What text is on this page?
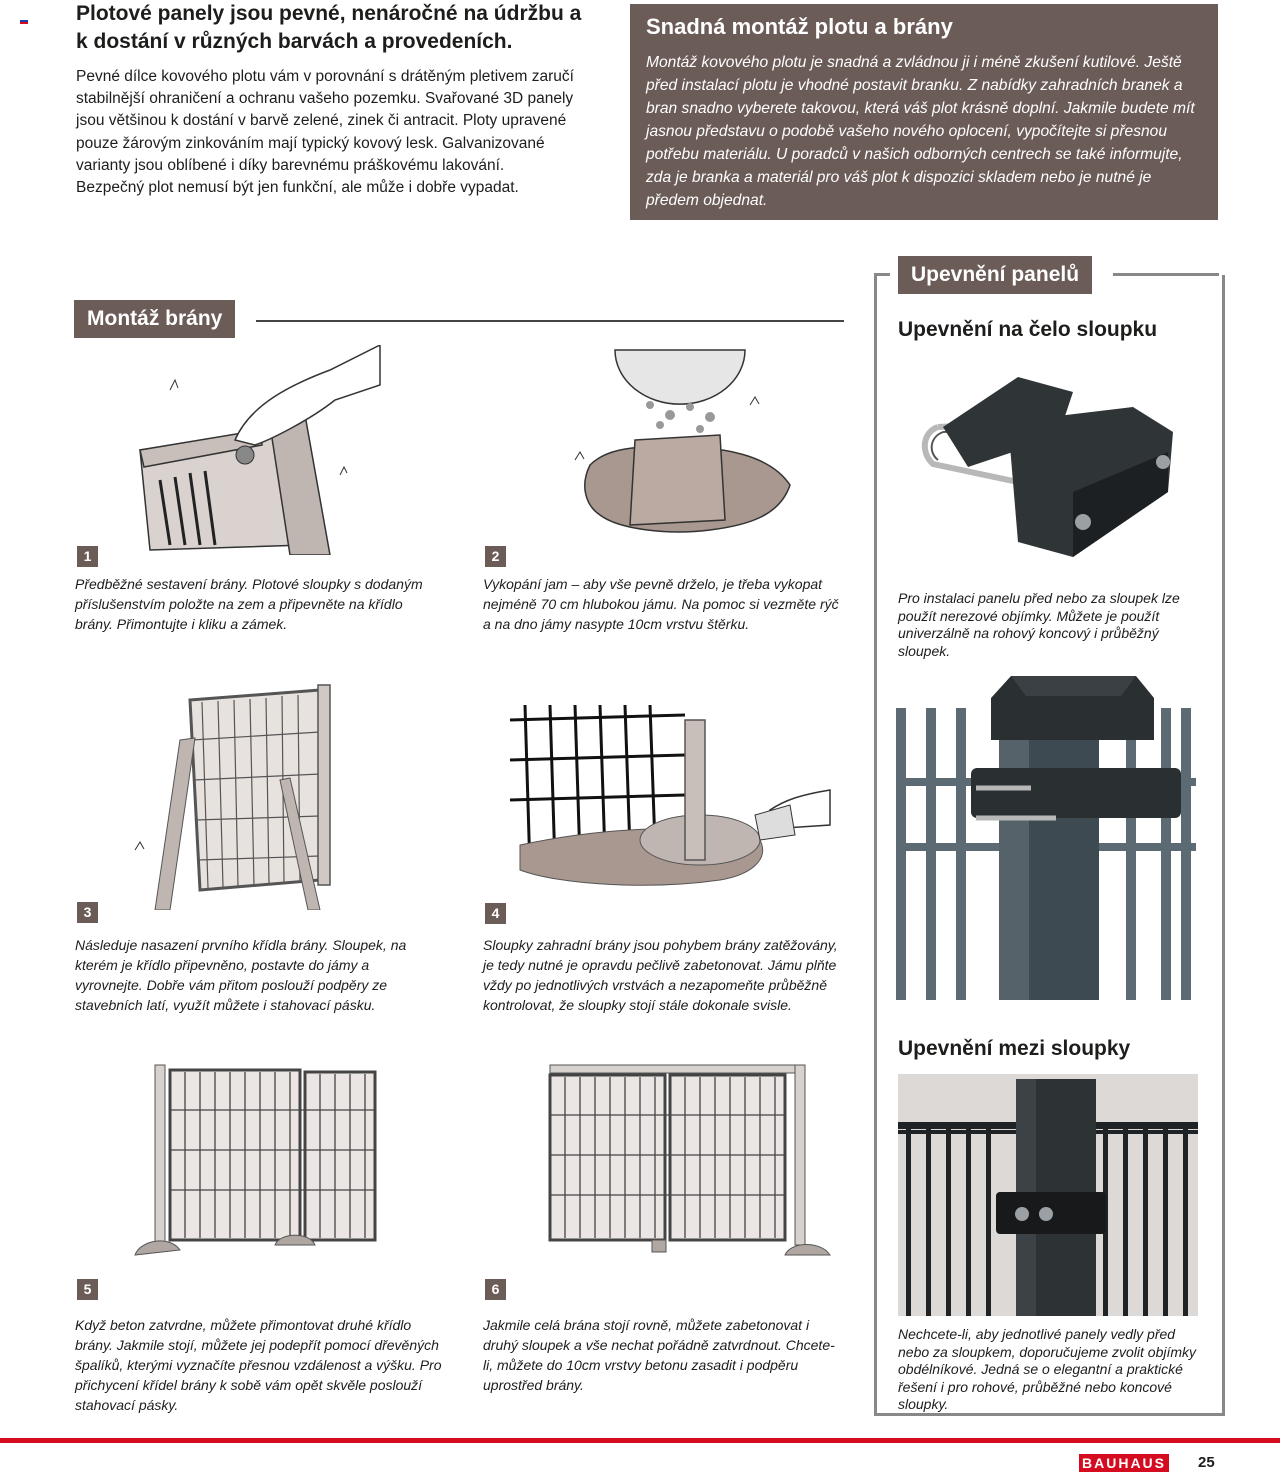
Plotové panely jsou pevné, nenáročné na údržbu a k dostání v různých barvách a provedeních.

Pevné dílce kovového plotu vám v porovnání s drátěným pletivem zaručí stabilnější ohraničení a ochranu vašeho pozemku. Svařované 3D panely jsou většinou k dostání v barvě zelené, zinek či antracit. Ploty upravené pouze žárovým zinkováním mají typický kovový lesk. Galvanizované varianty jsou oblíbené i díky barevnému práškovému lakování.

Bezpečný plot nemusí být jen funkční, ale může i dobře vypadat.

Snadná montáž plotu a brány
Montáž kovového plotu je snadná a zvládnou ji i méně zkušení kutilové. Ještě před instalací plotu je vhodné postavit branku. Z nabídky zahradních branek a bran snadno vyberete takovou, která váš plot krásně doplní. Jakmile budete mít jasnou představu o podobě vašeho nového oplocení, vypočítejte si přesnou potřebu materiálu. U poradců v našich odborných centrech se také informujte, zda je branka a materiál pro váš plot k dispozici skladem nebo je nutné je předem objednat.
Montáž brány
1
Předběžné sestavení brány. Plotové sloupky s dodaným příslušenstvím položte na zem a připevněte na křídlo brány. Přimontujte i kliku a zámek.
2
Vykopání jam – aby vše pevně drželo, je třeba vykopat nejméně 70 cm hlubokou jámu. Na pomoc si vezměte rýč a na dno jámy nasypte 10cm vrstvu štěrku.
3
Následuje nasazení prvního křídla brány. Sloupek, na kterém je křídlo připevněno, postavte do jámy a vyrovnejte. Dobře vám přitom poslouží podpěry ze stavebních latí, využít můžete i stahovací pásku.
4
Sloupky zahradní brány jsou pohybem brány zatěžovány, je tedy nutné je opravdu pečlivě zabetonovat. Jámu plňte vždy po jednotlivých vrstvách a nezapomeňte průběžně kontrolovat, že sloupky stojí stále dokonale svisle.
5
Když beton zatvrdne, můžete přimontovat druhé křídlo brány. Jakmile stojí, můžete jej podepřít pomocí dřevěných špalíků, kterými vyznačíte přesnou vzdálenost a výšku. Pro přichycení křídel brány k sobě vám opět skvěle poslouží stahovací pásky.
6
Jakmile celá brána stojí rovně, můžete zabetonovat i druhý sloupek a vše nechat pořádně zatvrdnout. Chcete-li, můžete do 10cm vrstvy betonu zasadit i podpěru uprostřed brány.
Upevnění panelů
Upevnění na čelo sloupku
Pro instalaci panelu před nebo za sloupek lze použít nerezové objímky. Můžete je použít univerzálně na rohový koncový i průběžný sloupek.
Upevnění mezi sloupky
Nechcete-li, aby jednotlivé panely vedly před nebo za sloupkem, doporučujeme zvolit objímky obdélníkové. Jedná se o elegantní a praktické řešení i pro rohové, průběžné nebo koncové sloupky.
BAUHAUS 25
